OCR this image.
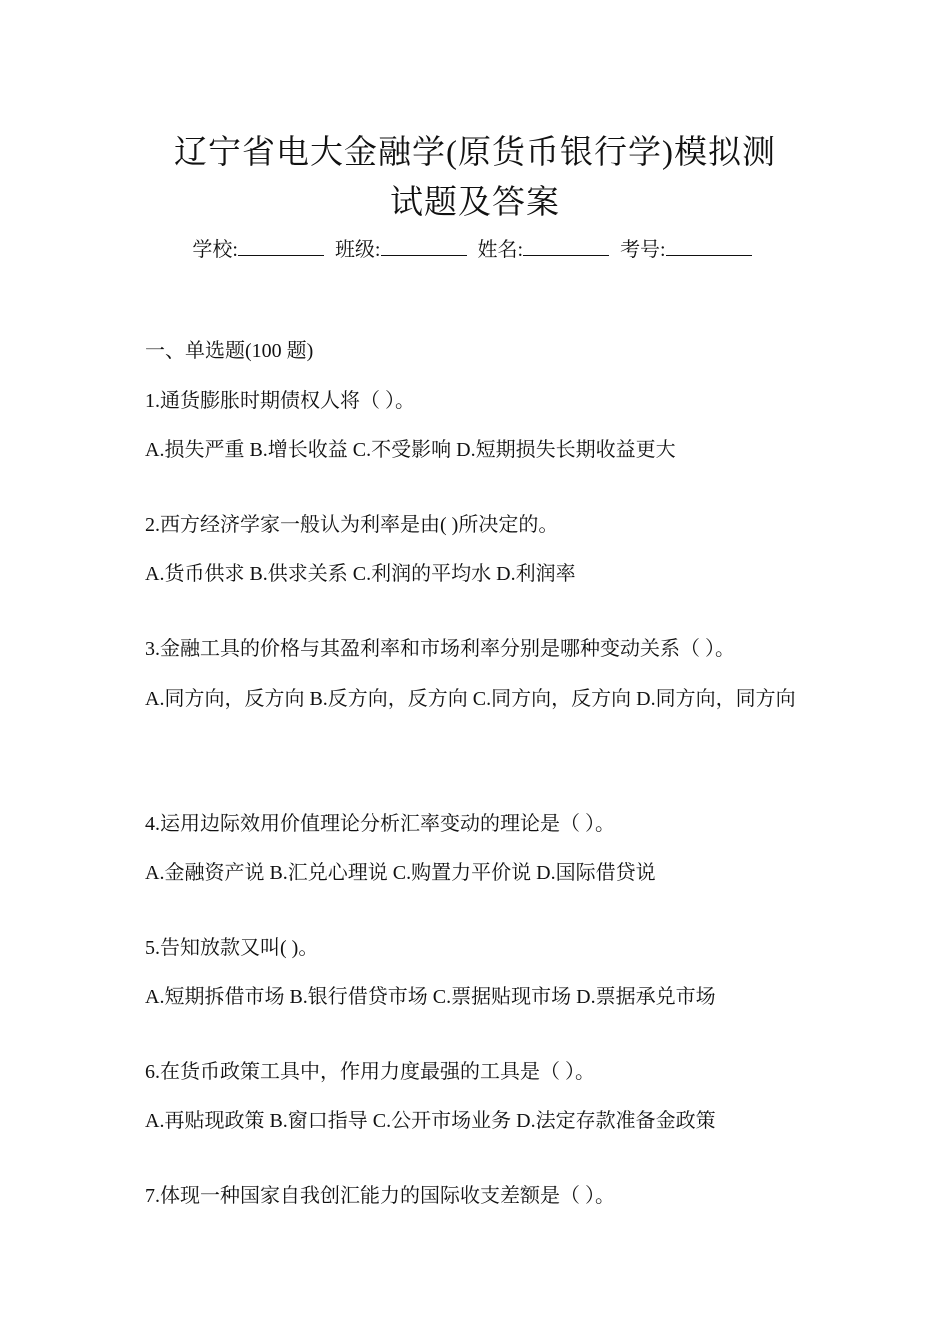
辽宁省电大金融学(原货币银行学)模拟测
试题及答案
学校:	班级:	姓名:	考号:
一、单选题(100 题)
1.通货膨胀时期债权人将（ ）。
A.损失严重 B.增长收益 C.不受影响 D.短期损失长期收益更大
2.西方经济学家一般认为利率是由( )所决定的。
A.货币供求 B.供求关系 C.利润的平均水 D.利润率
3.金融工具的价格与其盈利率和市场利率分别是哪种变动关系（ ）。
A.同方向，反方向 B.反方向，反方向 C.同方向，反方向 D.同方向，同方向
4.运用边际效用价值理论分析汇率变动的理论是（ ）。
A.金融资产说 B.汇兑心理说 C.购置力平价说 D.国际借贷说
5.告知放款又叫( )。
A.短期拆借市场 B.银行借贷市场 C.票据贴现市场 D.票据承兑市场
6.在货币政策工具中，作用力度最强的工具是（ ）。
A.再贴现政策 B.窗口指导 C.公开市场业务 D.法定存款准备金政策
7.体现一种国家自我创汇能力的国际收支差额是（ ）。
